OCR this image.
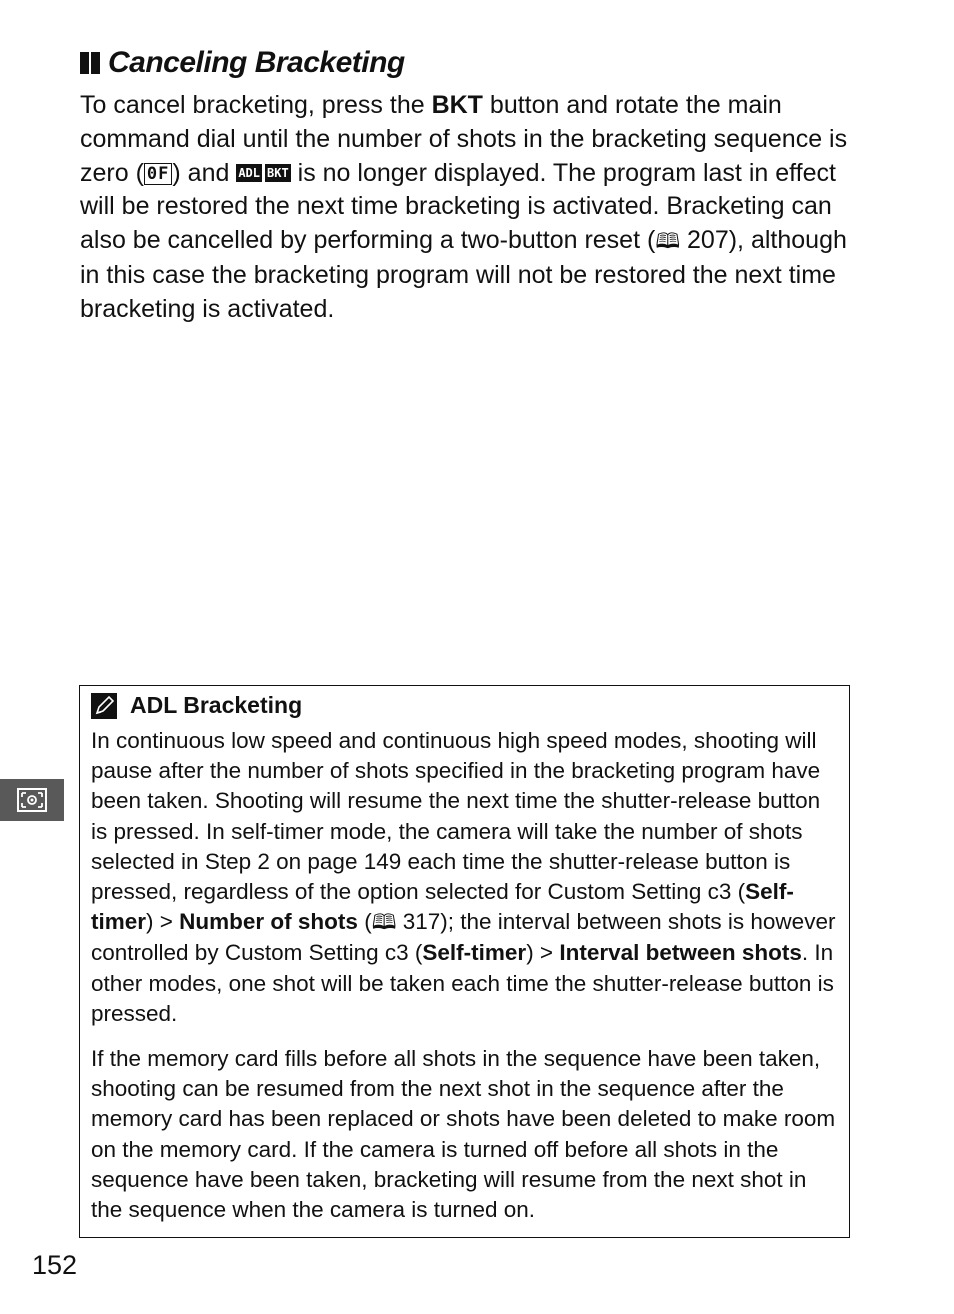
Canceling Bracketing
To cancel bracketing, press the BKT button and rotate the main command dial until the number of shots in the bracketing sequence is zero ( 0F ) and ADL BKT is no longer displayed. The program last in effect will be restored the next time bracketing is activated. Bracketing can also be cancelled by performing a two-button reset (🕮 207), although in this case the bracketing program will not be restored the next time bracketing is activated.
ADL Bracketing

In continuous low speed and continuous high speed modes, shooting will pause after the number of shots specified in the bracketing program have been taken. Shooting will resume the next time the shutter-release button is pressed. In self-timer mode, the camera will take the number of shots selected in Step 2 on page 149 each time the shutter-release button is pressed, regardless of the option selected for Custom Setting c3 (Self-timer) > Number of shots (🕮 317); the interval between shots is however controlled by Custom Setting c3 (Self-timer) > Interval between shots. In other modes, one shot will be taken each time the shutter-release button is pressed.

If the memory card fills before all shots in the sequence have been taken, shooting can be resumed from the next shot in the sequence after the memory card has been replaced or shots have been deleted to make room on the memory card. If the camera is turned off before all shots in the sequence have been taken, bracketing will resume from the next shot in the sequence when the camera is turned on.

152
